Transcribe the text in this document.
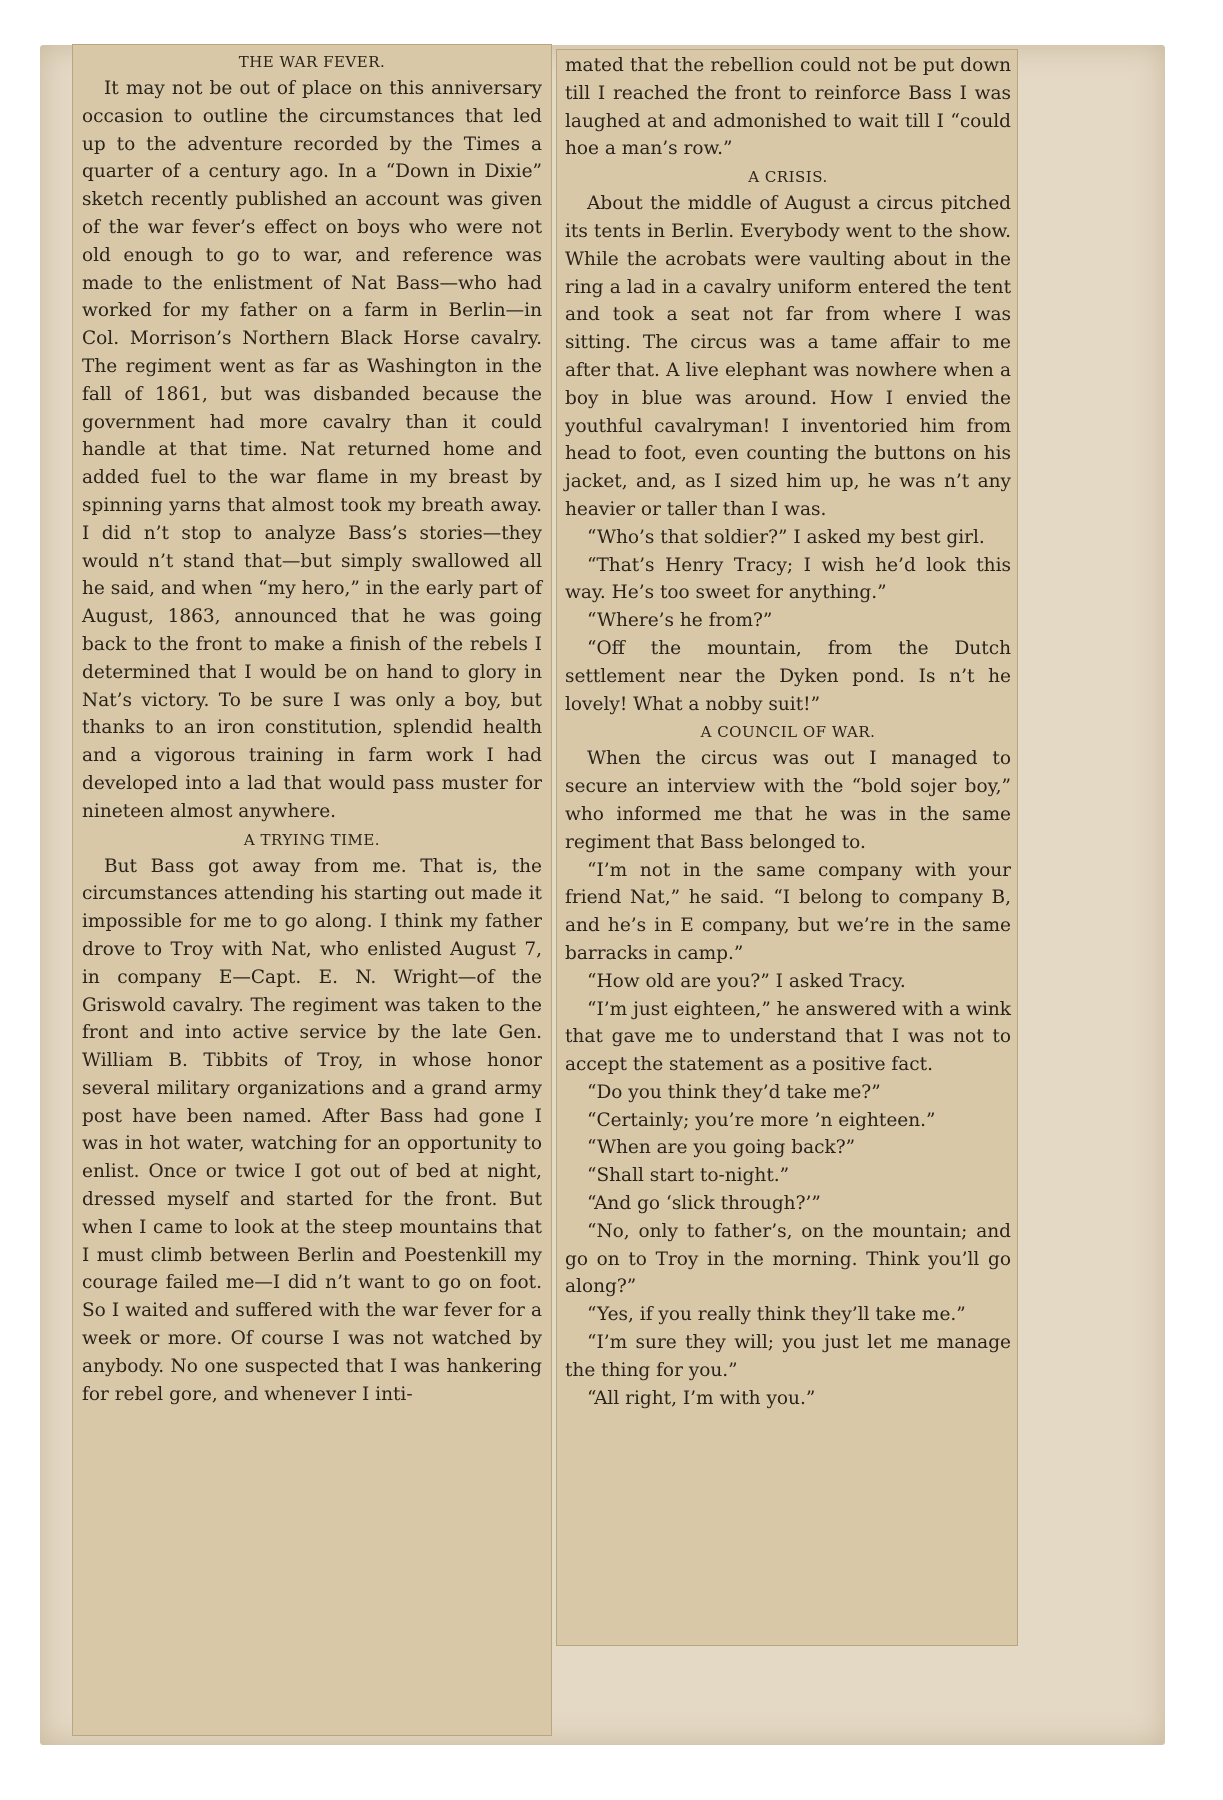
THE WAR FEVER.

It may not be out of place on this anniversary occasion to outline the circumstances that led up to the adventure recorded by the Times a quarter of a century ago. In a “Down in Dixie” sketch recently published an account was given of the war fever’s effect on boys who were not old enough to go to war, and reference was made to the enlistment of Nat Bass—who had worked for my father on a farm in Berlin—in Col. Morrison’s Northern Black Horse cavalry. The regiment went as far as Washington in the fall of 1861, but was disbanded because the government had more cavalry than it could handle at that time. Nat returned home and added fuel to the war flame in my breast by spinning yarns that almost took my breath away. I did n’t stop to analyze Bass’s stories—they would n’t stand that—but simply swallowed all he said, and when “my hero,” in the early part of August, 1863, announced that he was going back to the front to make a finish of the rebels I determined that I would be on hand to glory in Nat’s victory. To be sure I was only a boy, but thanks to an iron constitution, splendid health and a vigorous training in farm work I had developed into a lad that would pass muster for nineteen almost anywhere.

A TRYING TIME.

But Bass got away from me. That is, the circumstances attending his starting out made it impossible for me to go along. I think my father drove to Troy with Nat, who enlisted August 7, in company E—Capt. E. N. Wright—of the Griswold cavalry. The regiment was taken to the front and into active service by the late Gen. William B. Tibbits of Troy, in whose honor several military organizations and a grand army post have been named. After Bass had gone I was in hot water, watching for an opportunity to enlist. Once or twice I got out of bed at night, dressed myself and started for the front. But when I came to look at the steep mountains that I must climb between Berlin and Poestenkill my courage failed me—I did n’t want to go on foot. So I waited and suffered with the war fever for a week or more. Of course I was not watched by anybody. No one suspected that I was hankering for rebel gore, and whenever I inti-

mated that the rebellion could not be put down till I reached the front to reinforce Bass I was laughed at and admonished to wait till I “could hoe a man’s row.”

A CRISIS.

About the middle of August a circus pitched its tents in Berlin. Everybody went to the show. While the acrobats were vaulting about in the ring a lad in a cavalry uniform entered the tent and took a seat not far from where I was sitting. The circus was a tame affair to me after that. A live elephant was nowhere when a boy in blue was around. How I envied the youthful cavalryman! I inventoried him from head to foot, even counting the buttons on his jacket, and, as I sized him up, he was n’t any heavier or taller than I was.

“Who’s that soldier?” I asked my best girl.

“That’s Henry Tracy; I wish he’d look this way. He’s too sweet for anything.”

“Where’s he from?”

“Off the mountain, from the Dutch settlement near the Dyken pond. Is n’t he lovely! What a nobby suit!”

A COUNCIL OF WAR.

When the circus was out I managed to secure an interview with the “bold sojer boy,” who informed me that he was in the same regiment that Bass belonged to.

“I’m not in the same company with your friend Nat,” he said. “I belong to company B, and he’s in E company, but we’re in the same barracks in camp.”

“How old are you?” I asked Tracy.

“I’m just eighteen,” he answered with a wink that gave me to understand that I was not to accept the statement as a positive fact.

“Do you think they’d take me?”

“Certainly; you’re more ’n eighteen.”

“When are you going back?”

“Shall start to-night.”

“And go ‘slick through?’”

“No, only to father’s, on the mountain; and go on to Troy in the morning. Think you’ll go along?”

“Yes, if you really think they’ll take me.”

“I’m sure they will; you just let me manage the thing for you.”

“All right, I’m with you.”
